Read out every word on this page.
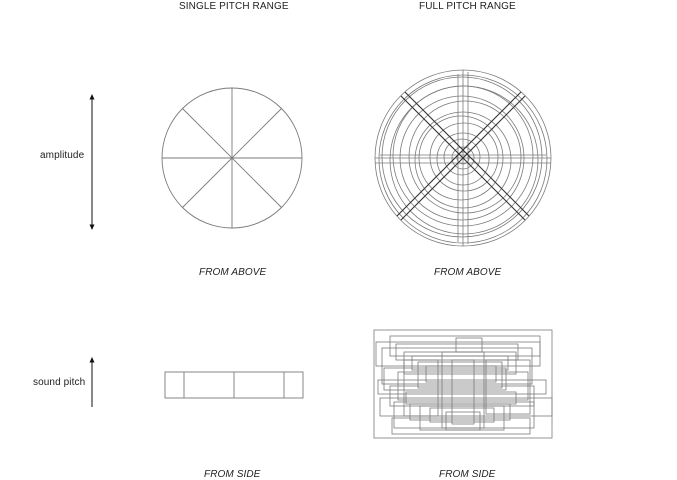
SINGLE PITCH RANGE	FULL PITCH RANGE
amplitude
sound pitch
FROM ABOVE	FROM ABOVE
FROM SIDE	FROM SIDE
